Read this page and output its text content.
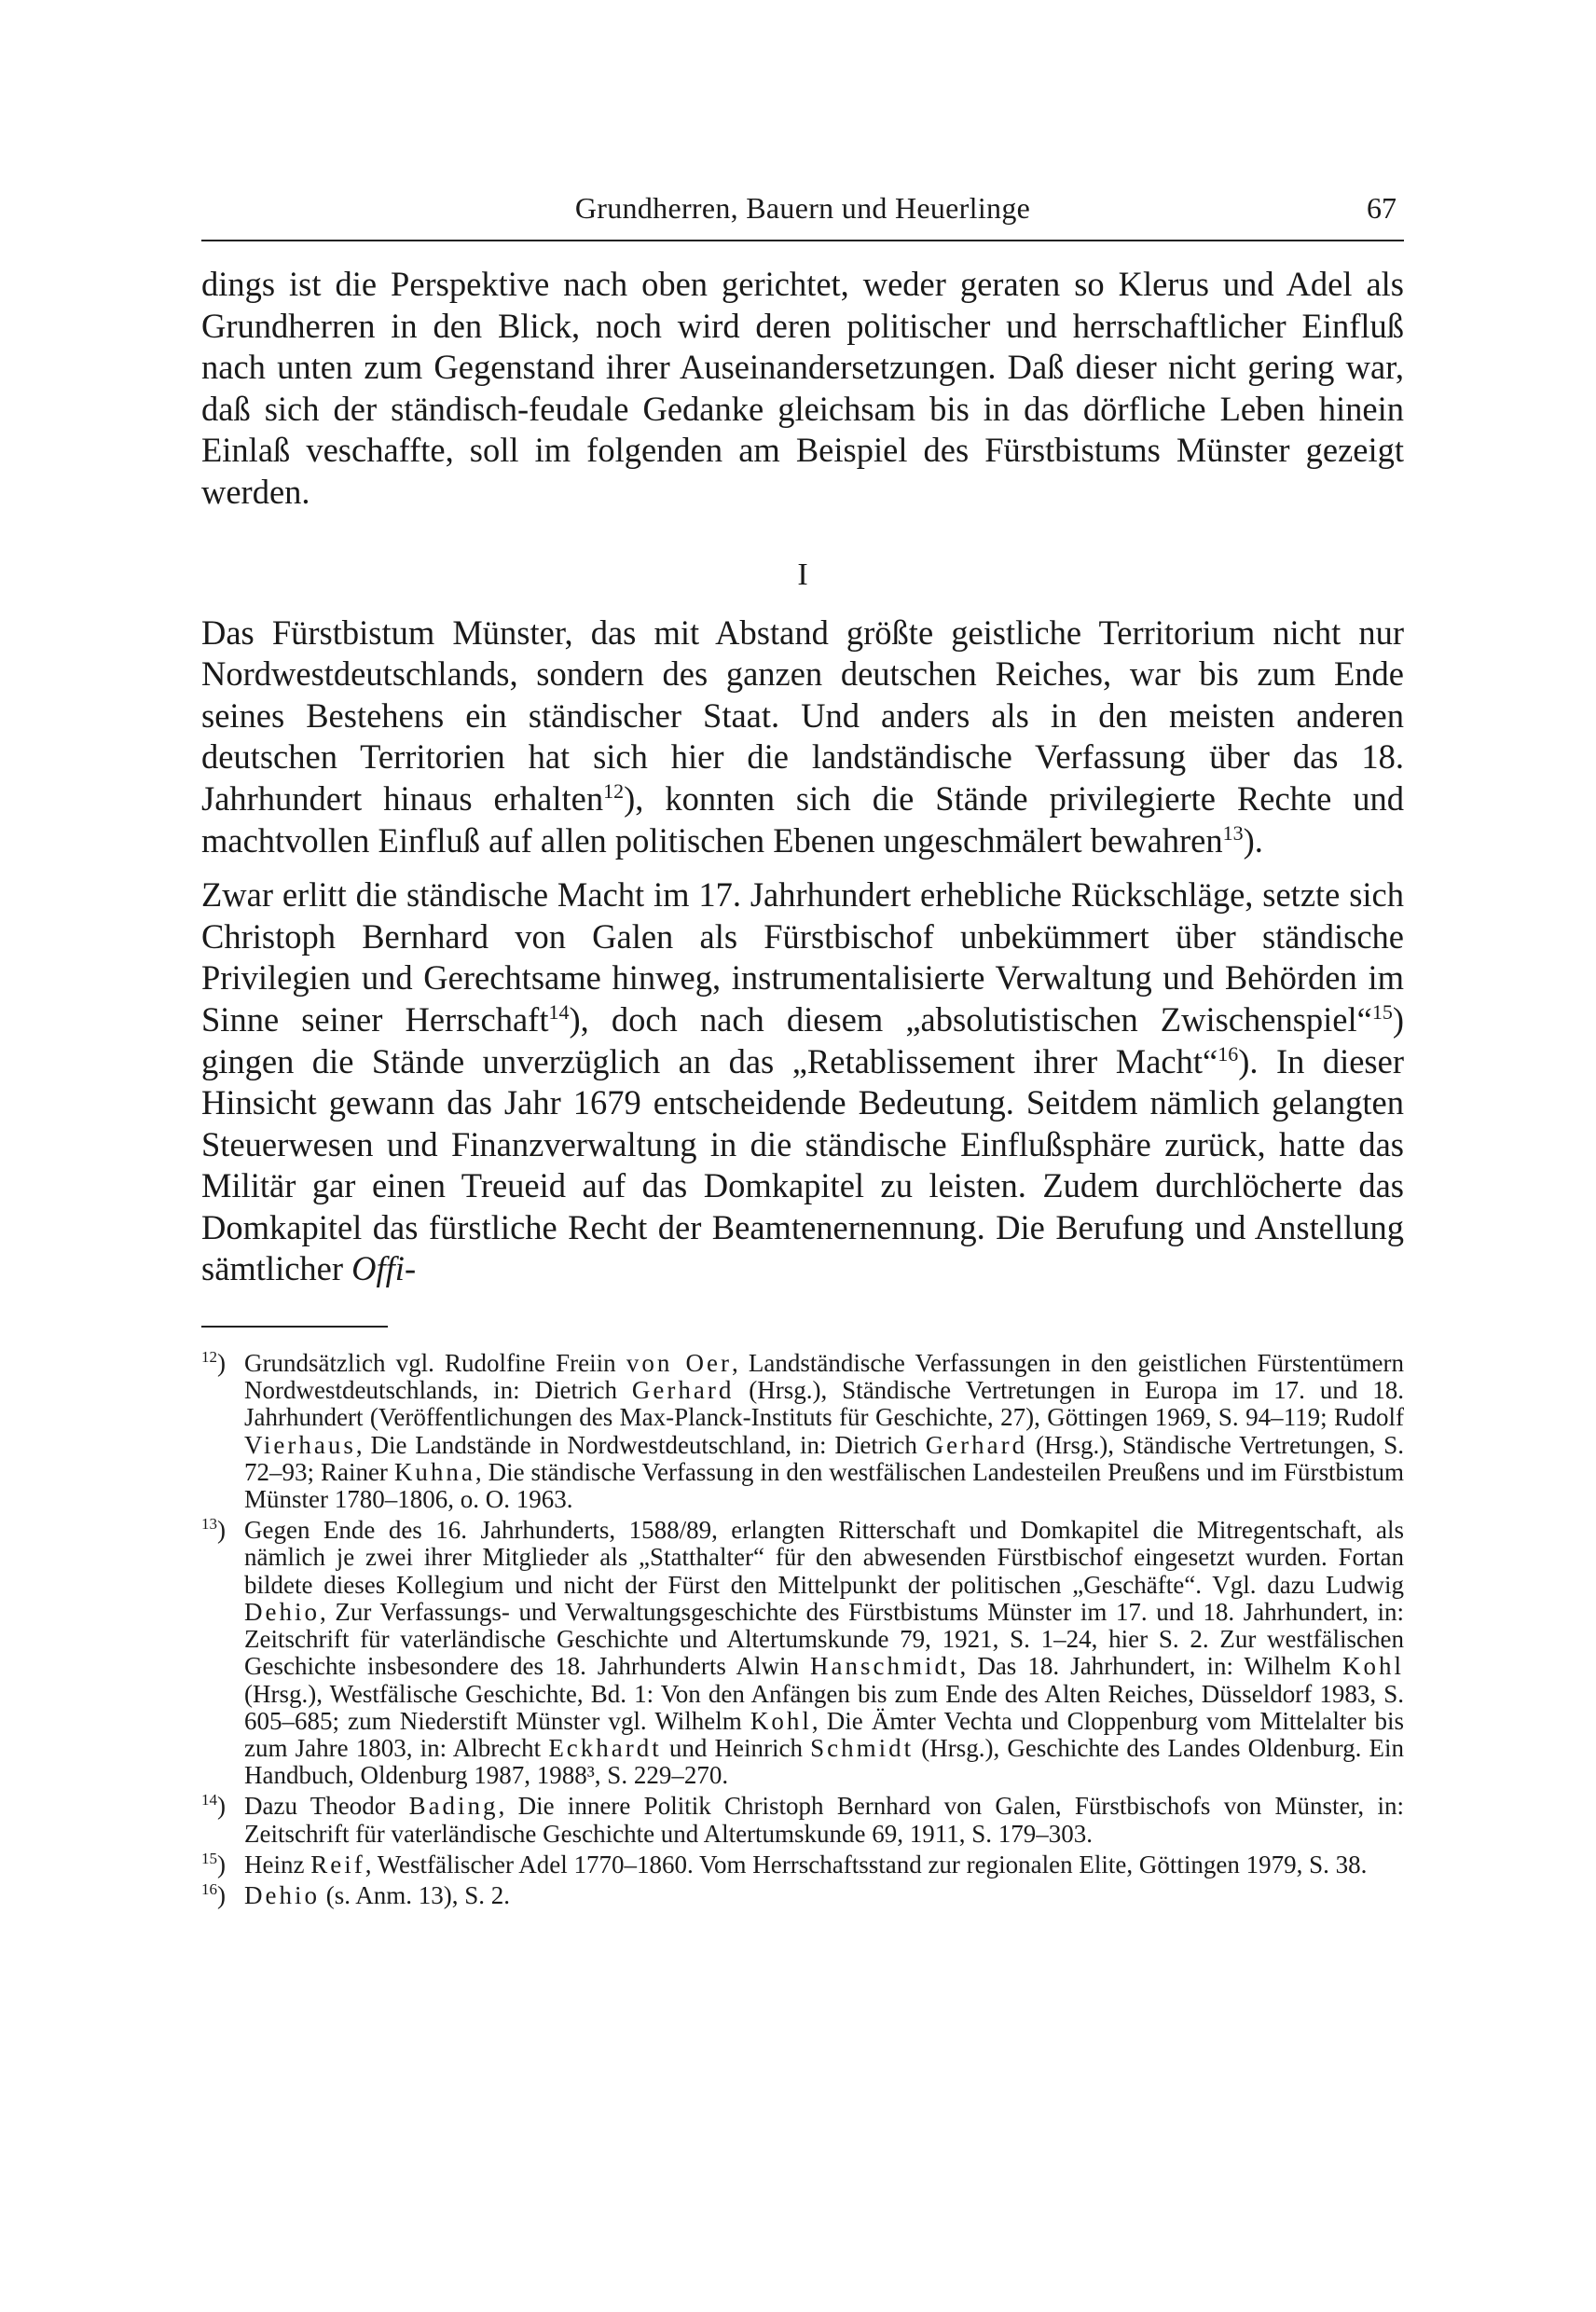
Grundherren, Bauern und Heuerlinge	67

dings ist die Perspektive nach oben gerichtet, weder geraten so Klerus und Adel als Grundherren in den Blick, noch wird deren politischer und herrschaftlicher Einfluß nach unten zum Gegenstand ihrer Auseinandersetzungen. Daß dieser nicht gering war, daß sich der ständisch-feudale Gedanke gleichsam bis in das dörfliche Leben hinein Einlaß veschaffte, soll im folgenden am Beispiel des Fürstbistums Münster gezeigt werden.

I

Das Fürstbistum Münster, das mit Abstand größte geistliche Territorium nicht nur Nordwestdeutschlands, sondern des ganzen deutschen Reiches, war bis zum Ende seines Bestehens ein ständischer Staat. Und anders als in den meisten anderen deutschen Territorien hat sich hier die landständische Verfassung über das 18. Jahrhundert hinaus erhalten$^{12}$), konnten sich die Stände privilegierte Rechte und machtvollen Einfluß auf allen politischen Ebenen ungeschmälert bewahren$^{13}$).

Zwar erlitt die ständische Macht im 17. Jahrhundert erhebliche Rückschläge, setzte sich Christoph Bernhard von Galen als Fürstbischof unbekümmert über ständische Privilegien und Gerechtsame hinweg, instrumentalisierte Verwaltung und Behörden im Sinne seiner Herrschaft$^{14}$), doch nach diesem „absolutistischen Zwischenspiel“$^{15}$) gingen die Stände unverzüglich an das „Retablissement ihrer Macht“$^{16}$). In dieser Hinsicht gewann das Jahr 1679 entscheidende Bedeutung. Seitdem nämlich gelangten Steuerwesen und Finanzverwaltung in die ständische Einflußsphäre zurück, hatte das Militär gar einen Treueid auf das Domkapitel zu leisten. Zudem durchlöcherte das Domkapitel das fürstliche Recht der Beamtenernennung. Die Berufung und Anstellung sämtlicher Offi-

$^{12}$) Grundsätzlich vgl. Rudolfine Freiin von Oer, Landständische Verfassungen in den geistlichen Fürstentümern Nordwestdeutschlands, in: Dietrich Gerhard (Hrsg.), Ständische Vertretungen in Europa im 17. und 18. Jahrhundert (Veröffentlichungen des Max-Planck-Instituts für Geschichte, 27), Göttingen 1969, S. 94–119; Rudolf Vierhaus, Die Landstände in Nordwestdeutschland, in: Dietrich Gerhard (Hrsg.), Ständische Vertretungen, S. 72–93; Rainer Kuhna, Die ständische Verfassung in den westfälischen Landesteilen Preußens und im Fürstbistum Münster 1780–1806, o. O. 1963.
$^{13}$) Gegen Ende des 16. Jahrhunderts, 1588/89, erlangten Ritterschaft und Domkapitel die Mitregentschaft, als nämlich je zwei ihrer Mitglieder als „Statthalter“ für den abwesenden Fürstbischof eingesetzt wurden. Fortan bildete dieses Kollegium und nicht der Fürst den Mittelpunkt der politischen „Geschäfte“. Vgl. dazu Ludwig Dehio, Zur Verfassungs- und Verwaltungsgeschichte des Fürstbistums Münster im 17. und 18. Jahrhundert, in: Zeitschrift für vaterländische Geschichte und Altertumskunde 79, 1921, S. 1–24, hier S. 2. Zur westfälischen Geschichte insbesondere des 18. Jahrhunderts Alwin Hanschmidt, Das 18. Jahrhundert, in: Wilhelm Kohl (Hrsg.), Westfälische Geschichte, Bd. 1: Von den Anfängen bis zum Ende des Alten Reiches, Düsseldorf 1983, S. 605–685; zum Niederstift Münster vgl. Wilhelm Kohl, Die Ämter Vechta und Cloppenburg vom Mittelalter bis zum Jahre 1803, in: Albrecht Eckhardt und Heinrich Schmidt (Hrsg.), Geschichte des Landes Oldenburg. Ein Handbuch, Oldenburg 1987, 1988³, S. 229–270.
$^{14}$) Dazu Theodor Bading, Die innere Politik Christoph Bernhard von Galen, Fürstbischofs von Münster, in: Zeitschrift für vaterländische Geschichte und Altertumskunde 69, 1911, S. 179–303.
$^{15}$) Heinz Reif, Westfälischer Adel 1770–1860. Vom Herrschaftsstand zur regionalen Elite, Göttingen 1979, S. 38.
$^{16}$) Dehio (s. Anm. 13), S. 2.
